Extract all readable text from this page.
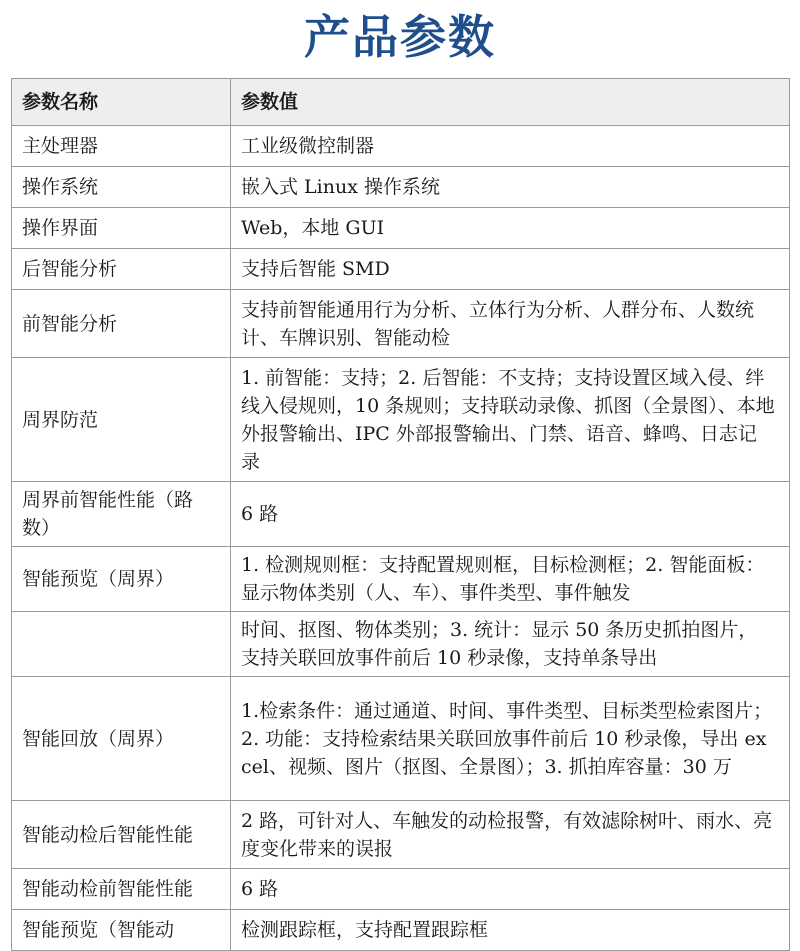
产品参数
参数名称	参数值
主处理器	工业级微控制器
操作系统	嵌入式 Linux 操作系统
操作界面	Web，本地 GUI
后智能分析	支持后智能 SMD
前智能分析	支持前智能通用行为分析、立体行为分析、人群分布、人数统计、车牌识别、智能动检
周界防范	1. 前智能：支持；2. 后智能：不支持；支持设置区域入侵、绊线入侵规则，10 条规则；支持联动录像、抓图（全景图）、本地外报警输出、IPC 外部报警输出、门禁、语音、蜂鸣、日志记录
周界前智能性能（路数）	6 路
智能预览（周界）	1. 检测规则框：支持配置规则框，目标检测框；2. 智能面板：显示物体类别（人、车）、事件类型、事件触发
	时间、抠图、物体类别；3. 统计：显示 50 条历史抓拍图片，支持关联回放事件前后 10 秒录像，支持单条导出
智能回放（周界）	1.检索条件：通过通道、时间、事件类型、目标类型检索图片；2. 功能：支持检索结果关联回放事件前后 10 秒录像，导出 excel、视频、图片（抠图、全景图）；3. 抓拍库容量：30 万
智能动检后智能性能	2 路，可针对人、车触发的动检报警，有效滤除树叶、雨水、亮度变化带来的误报
智能动检前智能性能	6 路
智能预览（智能动	检测跟踪框，支持配置跟踪框
